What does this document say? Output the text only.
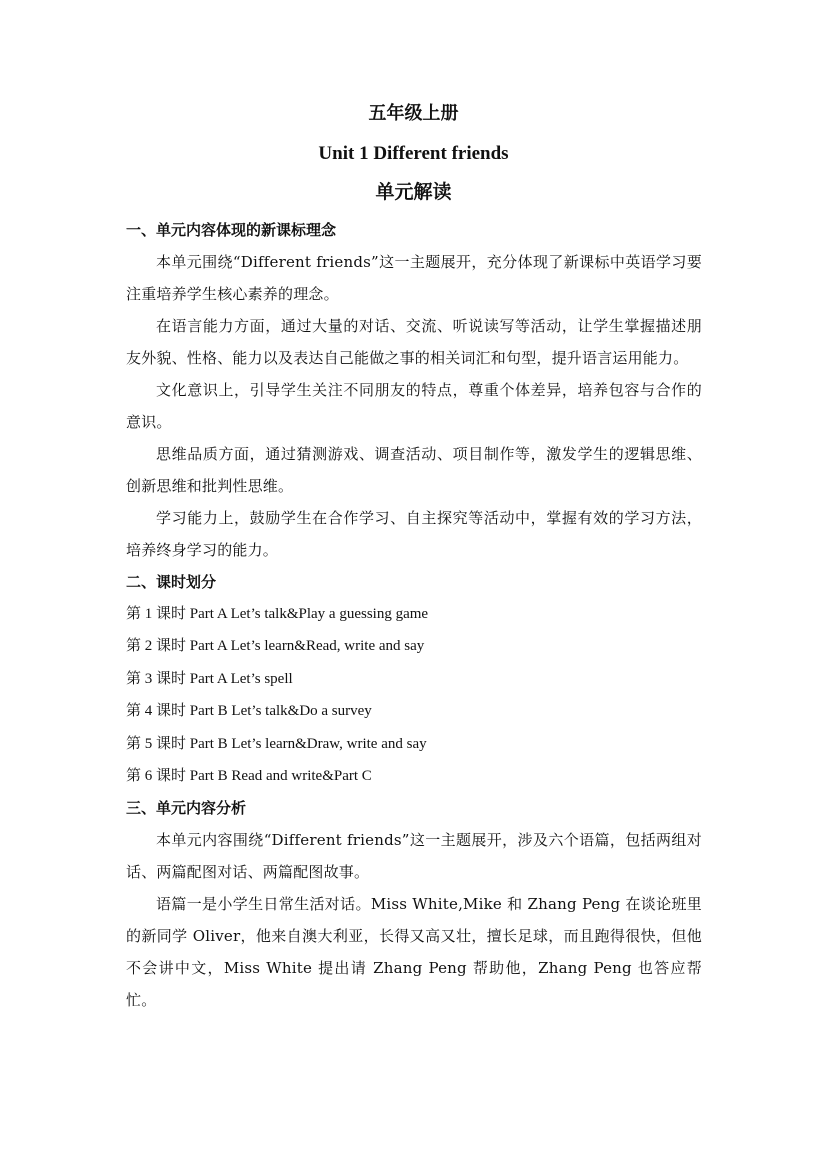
五年级上册
Unit 1 Different friends
单元解读

一、单元内容体现的新课标理念

本单元围绕“Different friends”这一主题展开，充分体现了新课标中英语学习要注重培养学生核心素养的理念。

在语言能力方面，通过大量的对话、交流、听说读写等活动，让学生掌握描述朋友外貌、性格、能力以及表达自己能做之事的相关词汇和句型，提升语言运用能力。

文化意识上，引导学生关注不同朋友的特点，尊重个体差异，培养包容与合作的意识。

思维品质方面，通过猜测游戏、调查活动、项目制作等，激发学生的逻辑思维、创新思维和批判性思维。

学习能力上，鼓励学生在合作学习、自主探究等活动中，掌握有效的学习方法，培养终身学习的能力。

二、课时划分

第 1 课时 Part A Let’s talk&Play a guessing game

第 2 课时 Part A Let’s learn&Read, write and say

第 3 课时 Part A Let’s spell

第 4 课时 Part B Let’s talk&Do a survey

第 5 课时 Part B Let’s learn&Draw, write and say

第 6 课时 Part B Read and write&Part C

三、单元内容分析

本单元内容围绕“Different friends”这一主题展开，涉及六个语篇，包括两组对话、两篇配图对话、两篇配图故事。

语篇一是小学生日常生活对话。Miss White,Mike 和 Zhang Peng 在谈论班里的新同学 Oliver，他来自澳大利亚，长得又高又壮，擅长足球，而且跑得很快，但他不会讲中文，Miss White 提出请 Zhang Peng 帮助他，Zhang Peng 也答应帮忙。
